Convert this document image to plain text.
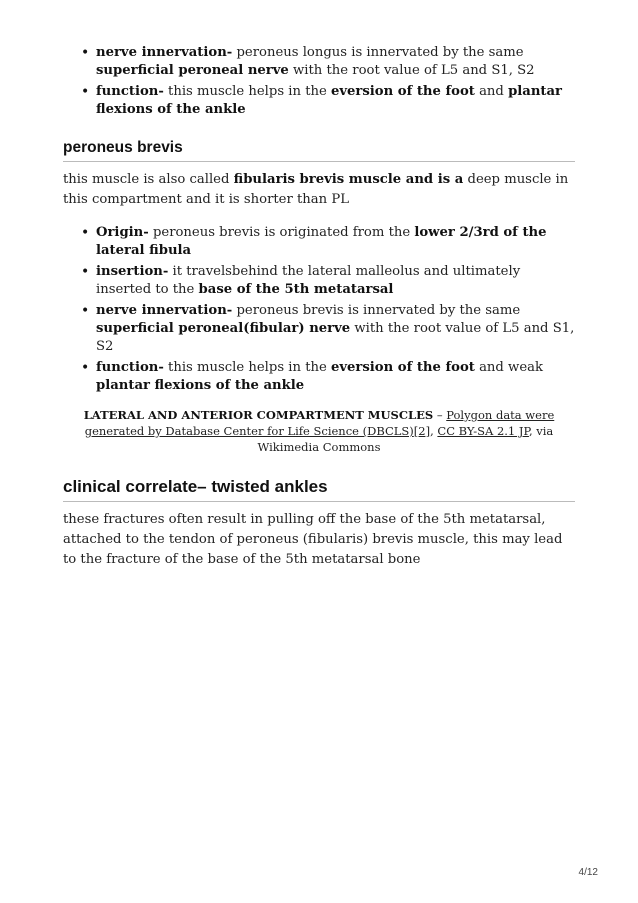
• nerve innervation- peroneus longus is innervated by the same superficial peroneal nerve with the root value of L5 and S1, S2
• function- this muscle helps in the eversion of the foot and plantar flexions of the ankle
peroneus brevis

this muscle is also called fibularis brevis muscle and is a deep muscle in this compartment and it is shorter than PL

• Origin- peroneus brevis is originated from the lower 2/3rd of the lateral fibula
• insertion- it travelsbehind the lateral malleolus and ultimately inserted to the base of the 5th metatarsal
• nerve innervation- peroneus brevis is innervated by the same superficial peroneal(fibular) nerve with the root value of L5 and S1, S2
• function- this muscle helps in the eversion of the foot and weak plantar flexions of the ankle
LATERAL AND ANTERIOR COMPARTMENT MUSCLES – Polygon data were generated by Database Center for Life Science (DBCLS)[2], CC BY-SA 2.1 JP, via Wikimedia Commons
clinical correlate– twisted ankles

these fractures often result in pulling off the base of the 5th metatarsal, attached to the tendon of peroneus (fibularis) brevis muscle, this may lead to the fracture of the base of the 5th metatarsal bone

4/12
